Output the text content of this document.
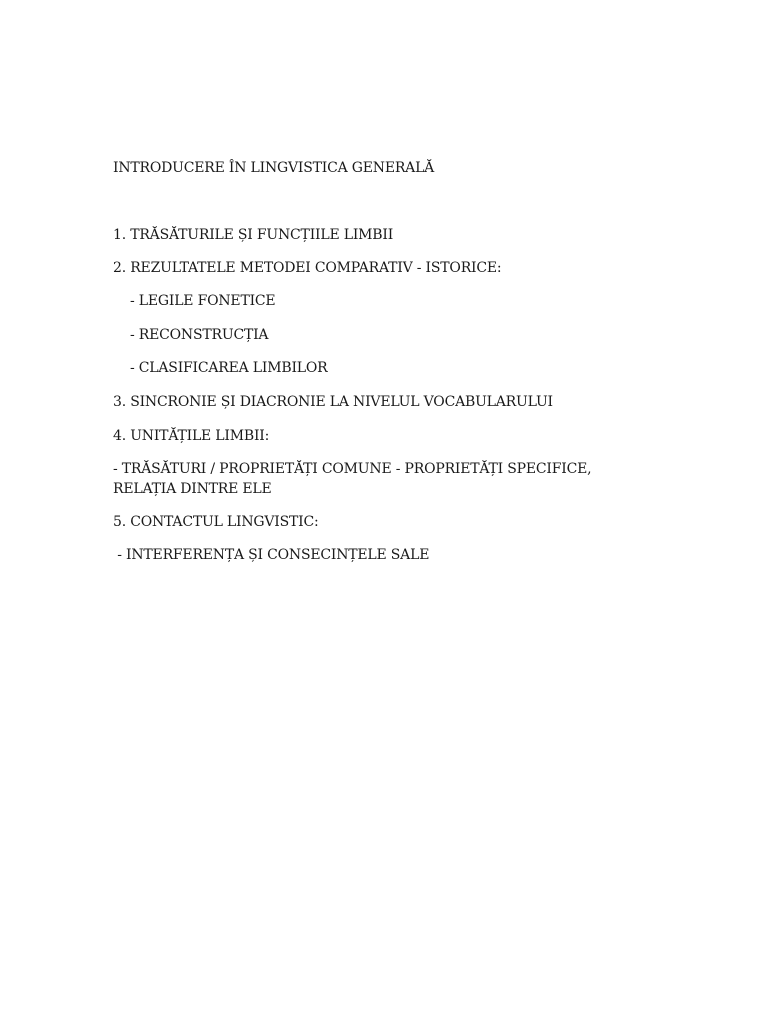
INTRODUCERE ÎN LINGVISTICA GENERALĂ
1. TRĂSĂTURILE ȘI FUNCȚIILE LIMBII
2. REZULTATELE METODEI COMPARATIV - ISTORICE:
- LEGILE FONETICE
- RECONSTRUCȚIA
- CLASIFICAREA LIMBILOR
3. SINCRONIE ȘI DIACRONIE LA NIVELUL VOCABULARULUI
4. UNITĂȚILE LIMBII:
- TRĂSĂTURI / PROPRIETĂȚI COMUNE - PROPRIETĂȚI SPECIFICE, RELAȚIA DINTRE ELE
5. CONTACTUL LINGVISTIC:
- INTERFERENȚA ȘI CONSECINȚELE SALE
